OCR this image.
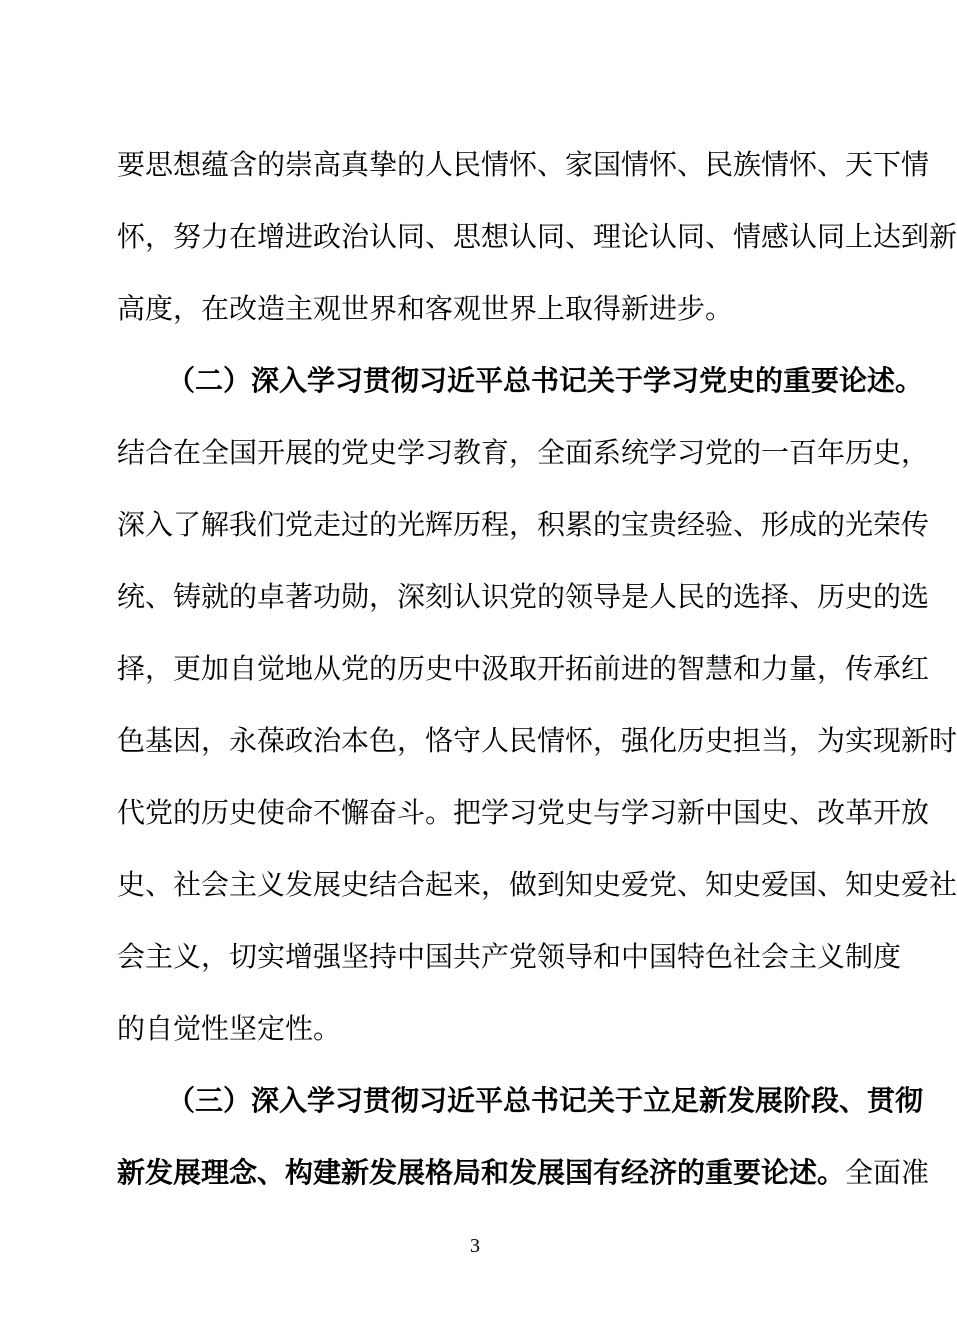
要思想蕴含的崇高真挚的人民情怀、家国情怀、民族情怀、天下情
怀，努力在增进政治认同、思想认同、理论认同、情感认同上达到新
高度，在改造主观世界和客观世界上取得新进步。
（二）深入学习贯彻习近平总书记关于学习党史的重要论述。
结合在全国开展的党史学习教育，全面系统学习党的一百年历史，
深入了解我们党走过的光辉历程，积累的宝贵经验、形成的光荣传
统、铸就的卓著功勋，深刻认识党的领导是人民的选择、历史的选
择，更加自觉地从党的历史中汲取开拓前进的智慧和力量，传承红
色基因，永葆政治本色，恪守人民情怀，强化历史担当，为实现新时
代党的历史使命不懈奋斗。把学习党史与学习新中国史、改革开放
史、社会主义发展史结合起来，做到知史爱党、知史爱国、知史爱社
会主义，切实增强坚持中国共产党领导和中国特色社会主义制度
的自觉性坚定性。
（三）深入学习贯彻习近平总书记关于立足新发展阶段、贯彻
新发展理念、构建新发展格局和发展国有经济的重要论述。全面准
3
